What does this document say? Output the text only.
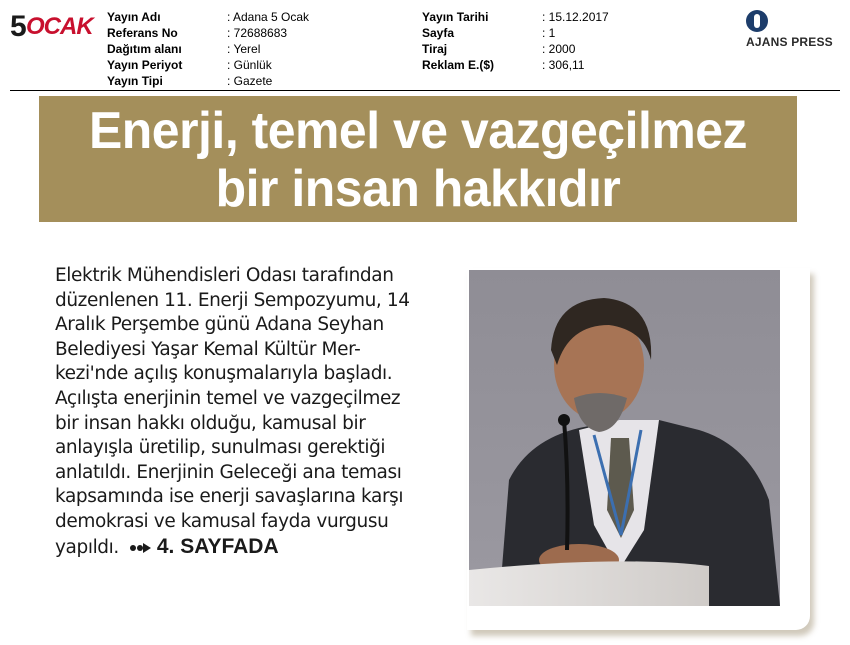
5 OCAK Yayın Adı	: Adana 5 Ocak
Referans No	: 72688683
Dağıtım alanı	: Yerel
Yayın Periyot	: Günlük
Yayın Tipi	: Gazete
Yayın Tarihi	: 15.12.2017
Sayfa	: 1
Tiraj	: 2000
Reklam E.($)	: 306,11
AJANS PRESS
Enerji, temel ve vazgeçilmez
bir insan hakkıdır
Elektrik Mühendisleri Odası tarafından
düzenlenen 11. Enerji Sempozyumu, 14
Aralık Perşembe günü Adana Seyhan
Belediyesi Yaşar Kemal Kültür Mer-
kezi'nde açılış konuşmalarıyla başladı.
Açılışta enerjinin temel ve vazgeçilmez
bir insan hakkı olduğu, kamusal bir
anlayışla üretilip, sunulması gerektiği
anlatıldı. Enerjinin Geleceği ana teması
kapsamında ise enerji savaşlarına karşı
demokrasi ve kamusal fayda vurgusu
yapıldı. 4. SAYFADA
